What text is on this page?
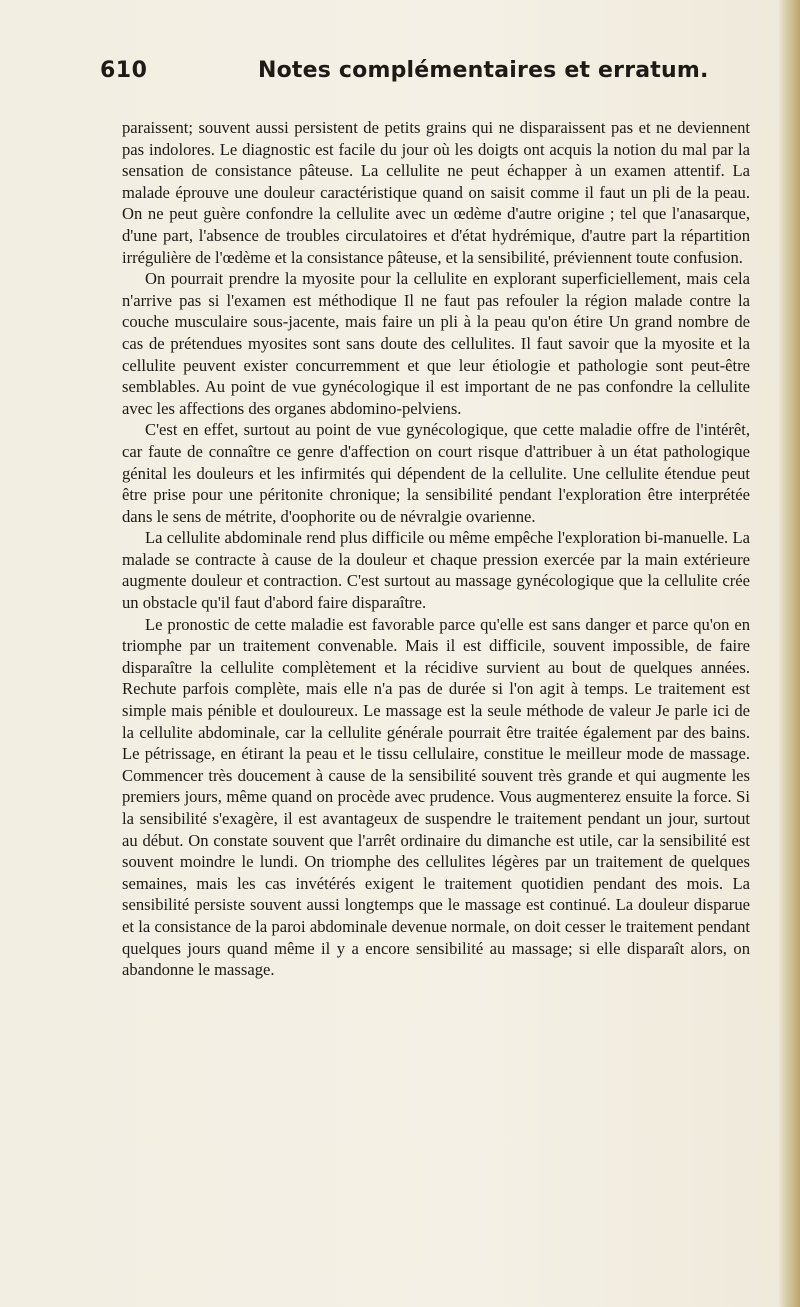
610	Notes complémentaires et erratum.

paraissent; souvent aussi persistent de petits grains qui ne disparaissent pas et ne deviennent pas indolores. Le diagnostic est facile du jour où les doigts ont acquis la notion du mal par la sensation de consistance pâteuse. La cellulite ne peut échapper à un examen attentif. La malade éprouve une douleur caractéristique quand on saisit comme il faut un pli de la peau. On ne peut guère confondre la cellulite avec un œdème d'autre origine ; tel que l'anasarque, d'une part, l'absence de troubles circulatoires et d'état hydrémique, d'autre part la répartition irrégulière de l'œdème et la consistance pâteuse, et la sensibilité, préviennent toute confusion.

On pourrait prendre la myosite pour la cellulite en explorant superficiellement, mais cela n'arrive pas si l'examen est méthodique Il ne faut pas refouler la région malade contre la couche musculaire sous-jacente, mais faire un pli à la peau qu'on étire Un grand nombre de cas de prétendues myosites sont sans doute des cellulites. Il faut savoir que la myosite et la cellulite peuvent exister concurremment et que leur étiologie et pathologie sont peut-être semblables. Au point de vue gynécologique il est important de ne pas confondre la cellulite avec les affections des organes abdomino-pelviens.

C'est en effet, surtout au point de vue gynécologique, que cette maladie offre de l'intérêt, car faute de connaître ce genre d'affection on court risque d'attribuer à un état pathologique génital les douleurs et les infirmités qui dépendent de la cellulite. Une cellulite étendue peut être prise pour une péritonite chronique; la sensibilité pendant l'exploration être interprétée dans le sens de métrite, d'oophorite ou de névralgie ovarienne.

La cellulite abdominale rend plus difficile ou même empêche l'exploration bi-manuelle. La malade se contracte à cause de la douleur et chaque pression exercée par la main extérieure augmente douleur et contraction. C'est surtout au massage gynécologique que la cellulite crée un obstacle qu'il faut d'abord faire disparaître.

Le pronostic de cette maladie est favorable parce qu'elle est sans danger et parce qu'on en triomphe par un traitement convenable. Mais il est difficile, souvent impossible, de faire disparaître la cellulite complètement et la récidive survient au bout de quelques années. Rechute parfois complète, mais elle n'a pas de durée si l'on agit à temps. Le traitement est simple mais pénible et douloureux. Le massage est la seule méthode de valeur Je parle ici de la cellulite abdominale, car la cellulite générale pourrait être traitée également par des bains. Le pétrissage, en étirant la peau et le tissu cellulaire, constitue le meilleur mode de massage. Commencer très doucement à cause de la sensibilité souvent très grande et qui augmente les premiers jours, même quand on procède avec prudence. Vous augmenterez ensuite la force. Si la sensibilité s'exagère, il est avantageux de suspendre le traitement pendant un jour, surtout au début. On constate souvent que l'arrêt ordinaire du dimanche est utile, car la sensibilité est souvent moindre le lundi. On triomphe des cellulites légères par un traitement de quelques semaines, mais les cas invétérés exigent le traitement quotidien pendant des mois. La sensibilité persiste souvent aussi longtemps que le massage est continué. La douleur disparue et la consistance de la paroi abdominale devenue normale, on doit cesser le traitement pendant quelques jours quand même il y a encore sensibilité au massage; si elle disparaît alors, on abandonne le massage.
